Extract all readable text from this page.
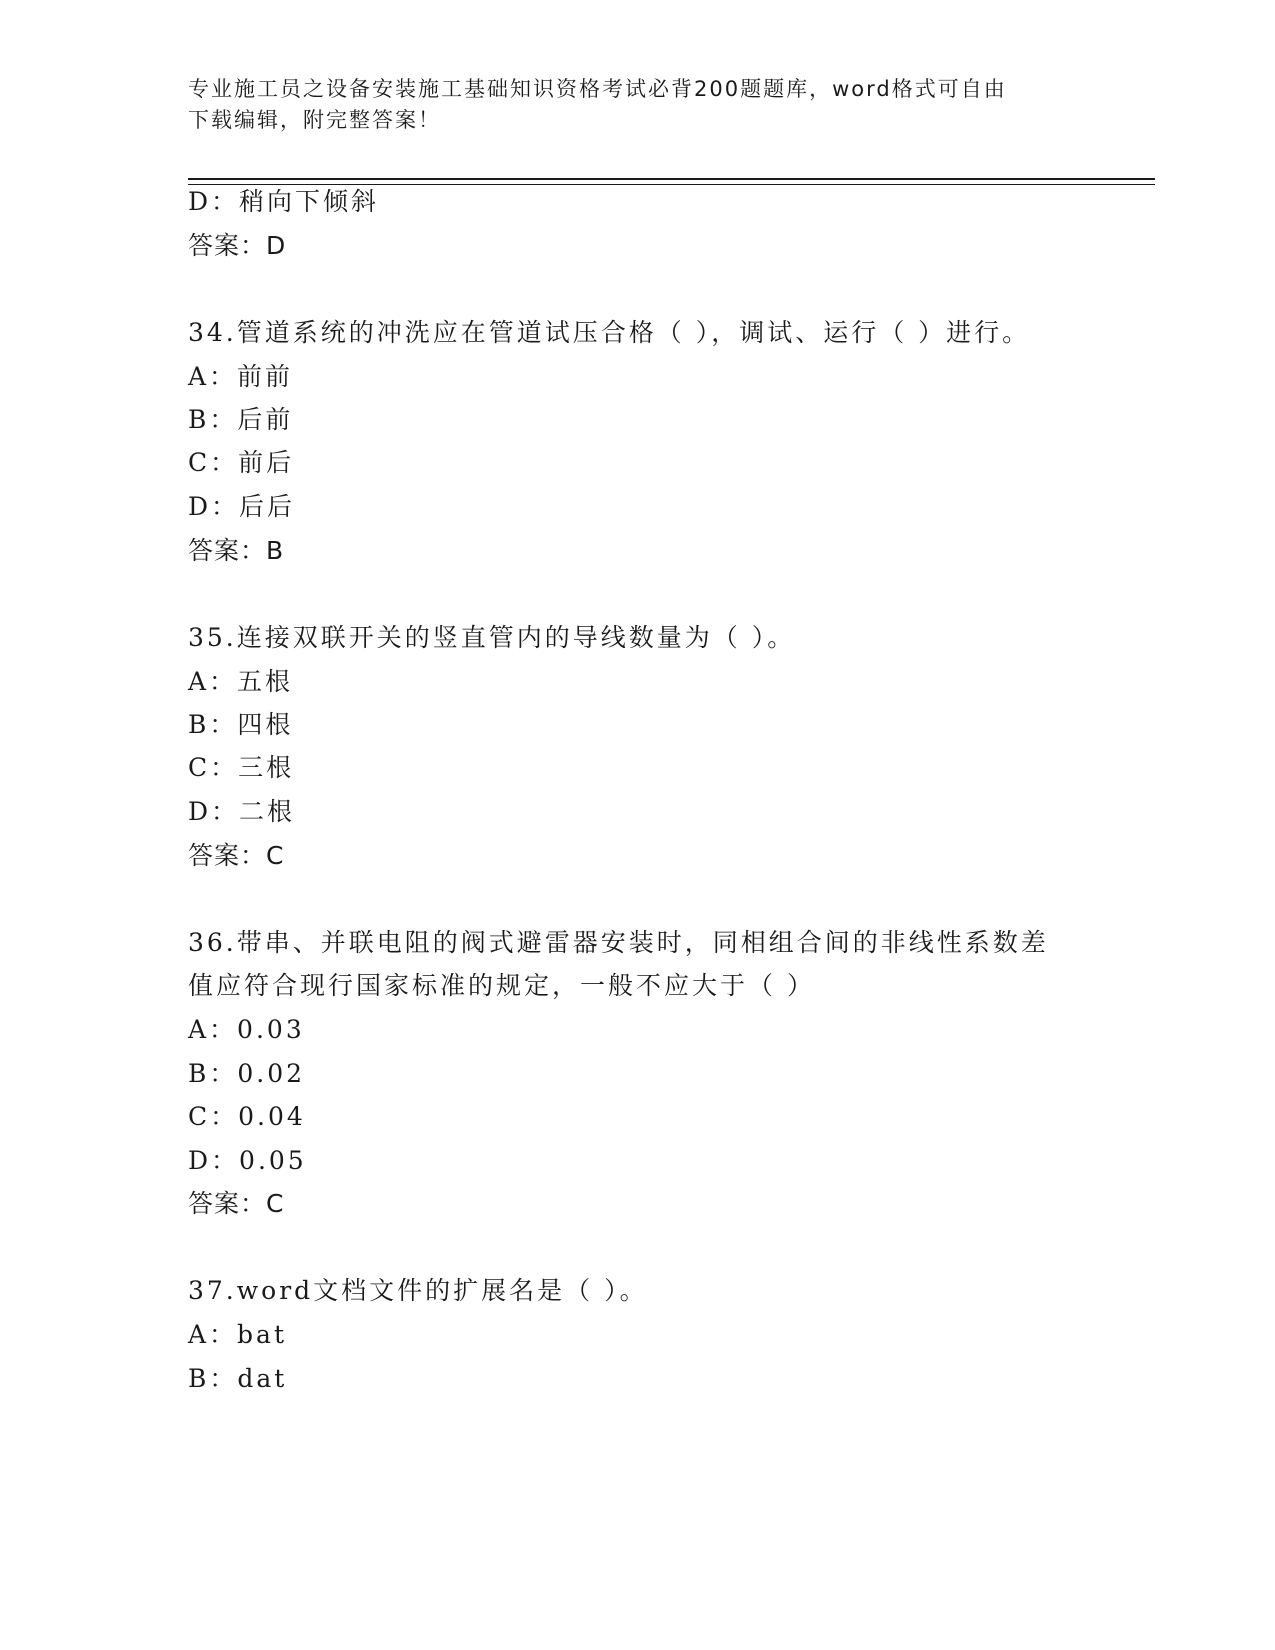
专业施工员之设备安装施工基础知识资格考试必背200题题库，word格式可自由
下载编辑，附完整答案！
D：稍向下倾斜
答案：D
34.管道系统的冲洗应在管道试压合格（ ），调试、运行（ ）进行。
A：前前
B：后前
C：前后
D：后后
答案：B
35.连接双联开关的竖直管内的导线数量为（ ）。
A：五根
B：四根
C：三根
D：二根
答案：C
36.带串、并联电阻的阀式避雷器安装时，同相组合间的非线性系数差
值应符合现行国家标准的规定，一般不应大于（ ）
A：0.03
B：0.02
C：0.04
D：0.05
答案：C
37.word文档文件的扩展名是（ ）。
A：bat
B：dat
